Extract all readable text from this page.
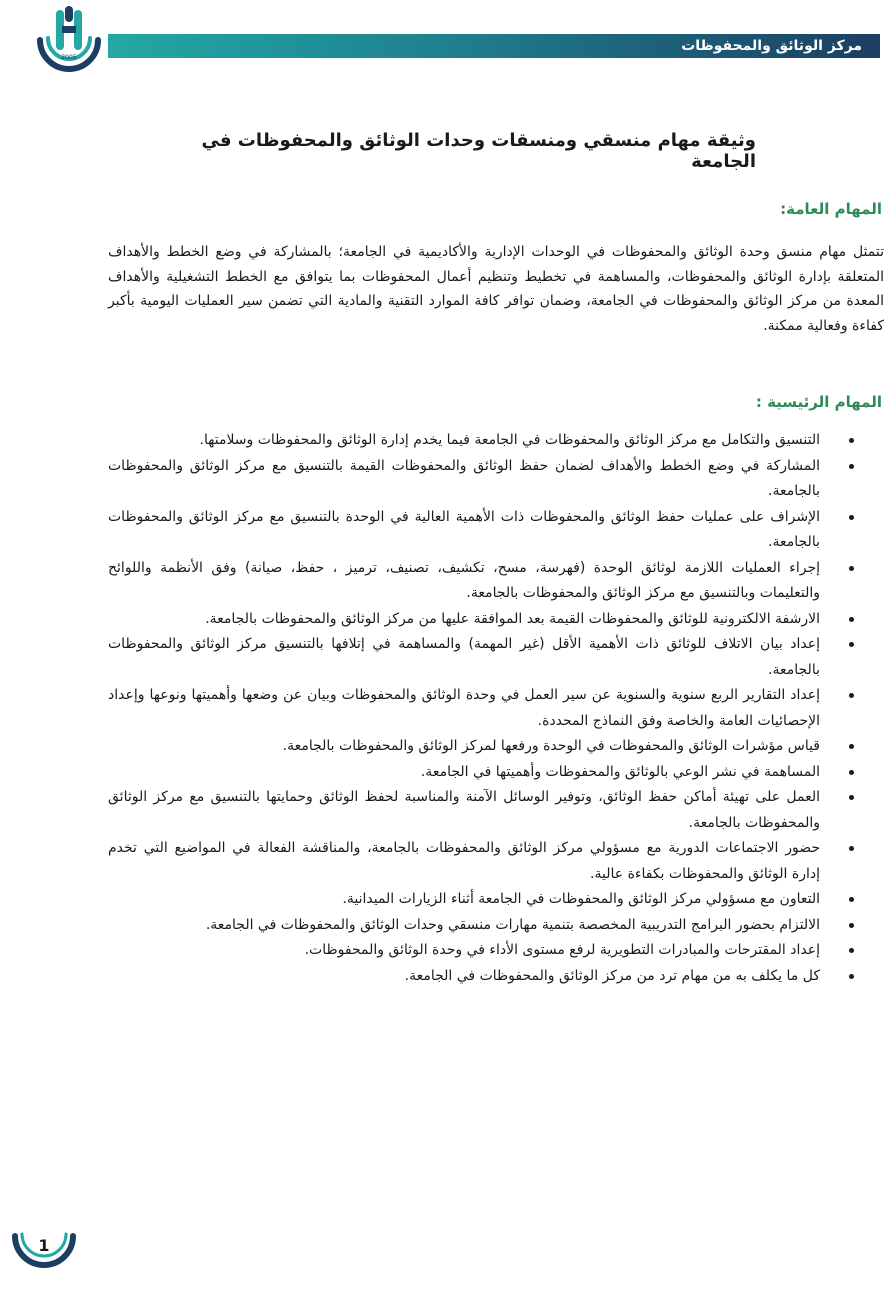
2005
مركز الوثائق والمحفوظات
وثيقة مهام منسقي ومنسقات وحدات الوثائق والمحفوظات في الجامعة
المهام العامة:
تتمثل مهام منسق وحدة الوثائق والمحفوظات في الوحدات الإدارية والأكاديمية في الجامعة؛ بالمشاركة في وضع الخطط والأهداف المتعلقة بإدارة الوثائق والمحفوظات، والمساهمة في تخطيط وتنظيم أعمال المحفوظات بما يتوافق مع الخطط التشغيلية والأهداف المعدة من مركز الوثائق والمحفوظات في الجامعة، وضمان توافر كافة الموارد التقنية والمادية التي تضمن سير العمليات اليومية بأكبر كفاءة وفعالية ممكنة.
المهام الرئيسية :
التنسيق والتكامل مع مركز الوثائق والمحفوظات في الجامعة فيما يخدم إدارة الوثائق والمحفوظات وسلامتها.
المشاركة في وضع الخطط والأهداف لضمان حفظ الوثائق والمحفوظات القيمة بالتنسيق مع مركز الوثائق والمحفوظات بالجامعة.
الإشراف على عمليات حفظ الوثائق والمحفوظات ذات الأهمية العالية في الوحدة بالتنسيق مع مركز الوثائق والمحفوظات بالجامعة.
إجراء العمليات اللازمة لوثائق الوحدة (فهرسة، مسح، تكشيف، تصنيف، ترميز ، حفظ، صيانة) وفق الأنظمة واللوائح والتعليمات وبالتنسيق مع مركز الوثائق والمحفوظات بالجامعة.
الارشفة الالكترونية للوثائق والمحفوظات القيمة بعد الموافقة عليها من مركز الوثائق والمحفوظات بالجامعة.
إعداد بيان الاتلاف للوثائق ذات الأهمية الأقل (غير المهمة) والمساهمة في إتلافها بالتنسيق مركز الوثائق والمحفوظات بالجامعة.
إعداد التقارير الربع سنوية والسنوية عن سير العمل في وحدة الوثائق والمحفوظات وبيان عن وضعها وأهميتها ونوعها وإعداد الإحصائيات العامة والخاصة وفق النماذج المحددة.
قياس مؤشرات الوثائق والمحفوظات في الوحدة ورفعها لمركز الوثائق والمحفوظات بالجامعة.
المساهمة في نشر الوعي بالوثائق والمحفوظات وأهميتها في الجامعة.
العمل على تهيئة أماكن حفظ الوثائق، وتوفير الوسائل الآمنة والمناسبة لحفظ الوثائق وحمايتها بالتنسيق مع مركز الوثائق والمحفوظات بالجامعة.
حضور الاجتماعات الدورية مع مسؤولي مركز الوثائق والمحفوظات بالجامعة، والمناقشة الفعالة في المواضيع التي تخدم إدارة الوثائق والمحفوظات بكفاءة عالية.
التعاون مع مسؤولي مركز الوثائق والمحفوظات في الجامعة أثناء الزيارات الميدانية.
الالتزام بحضور البرامج التدريبية المخصصة بتنمية مهارات منسقي وحدات الوثائق والمحفوظات في الجامعة.
إعداد المقترحات والمبادرات التطويرية لرفع مستوى الأداء في وحدة الوثائق والمحفوظات.
كل ما يكلف به من مهام ترد من مركز الوثائق والمحفوظات في الجامعة.
1
